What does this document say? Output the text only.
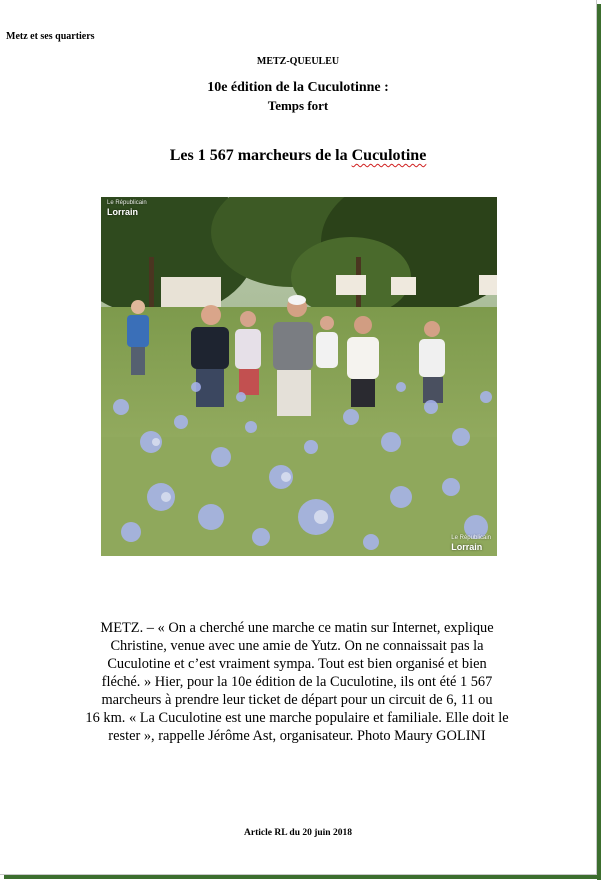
Metz et ses quartiers
METZ-QUEULEU
10e édition de la Cuculotinne :
Temps fort
Les 1 567 marcheurs de la Cuculotine
Le Républicain
Lorrain
Le Républicain
Lorrain
METZ. – « On a cherché une marche ce matin sur Internet, explique
Christine, venue avec une amie de Yutz. On ne connaissait pas la
Cuculotine et c’est vraiment sympa. Tout est bien organisé et bien
fléché. » Hier, pour la 10e édition de la Cuculotine, ils ont été 1 567
marcheurs à prendre leur ticket de départ pour un circuit de 6, 11 ou
16 km. « La Cuculotine est une marche populaire et familiale. Elle doit le
rester », rappelle Jérôme Ast, organisateur. Photo Maury GOLINI
Article RL du 20 juin 2018
